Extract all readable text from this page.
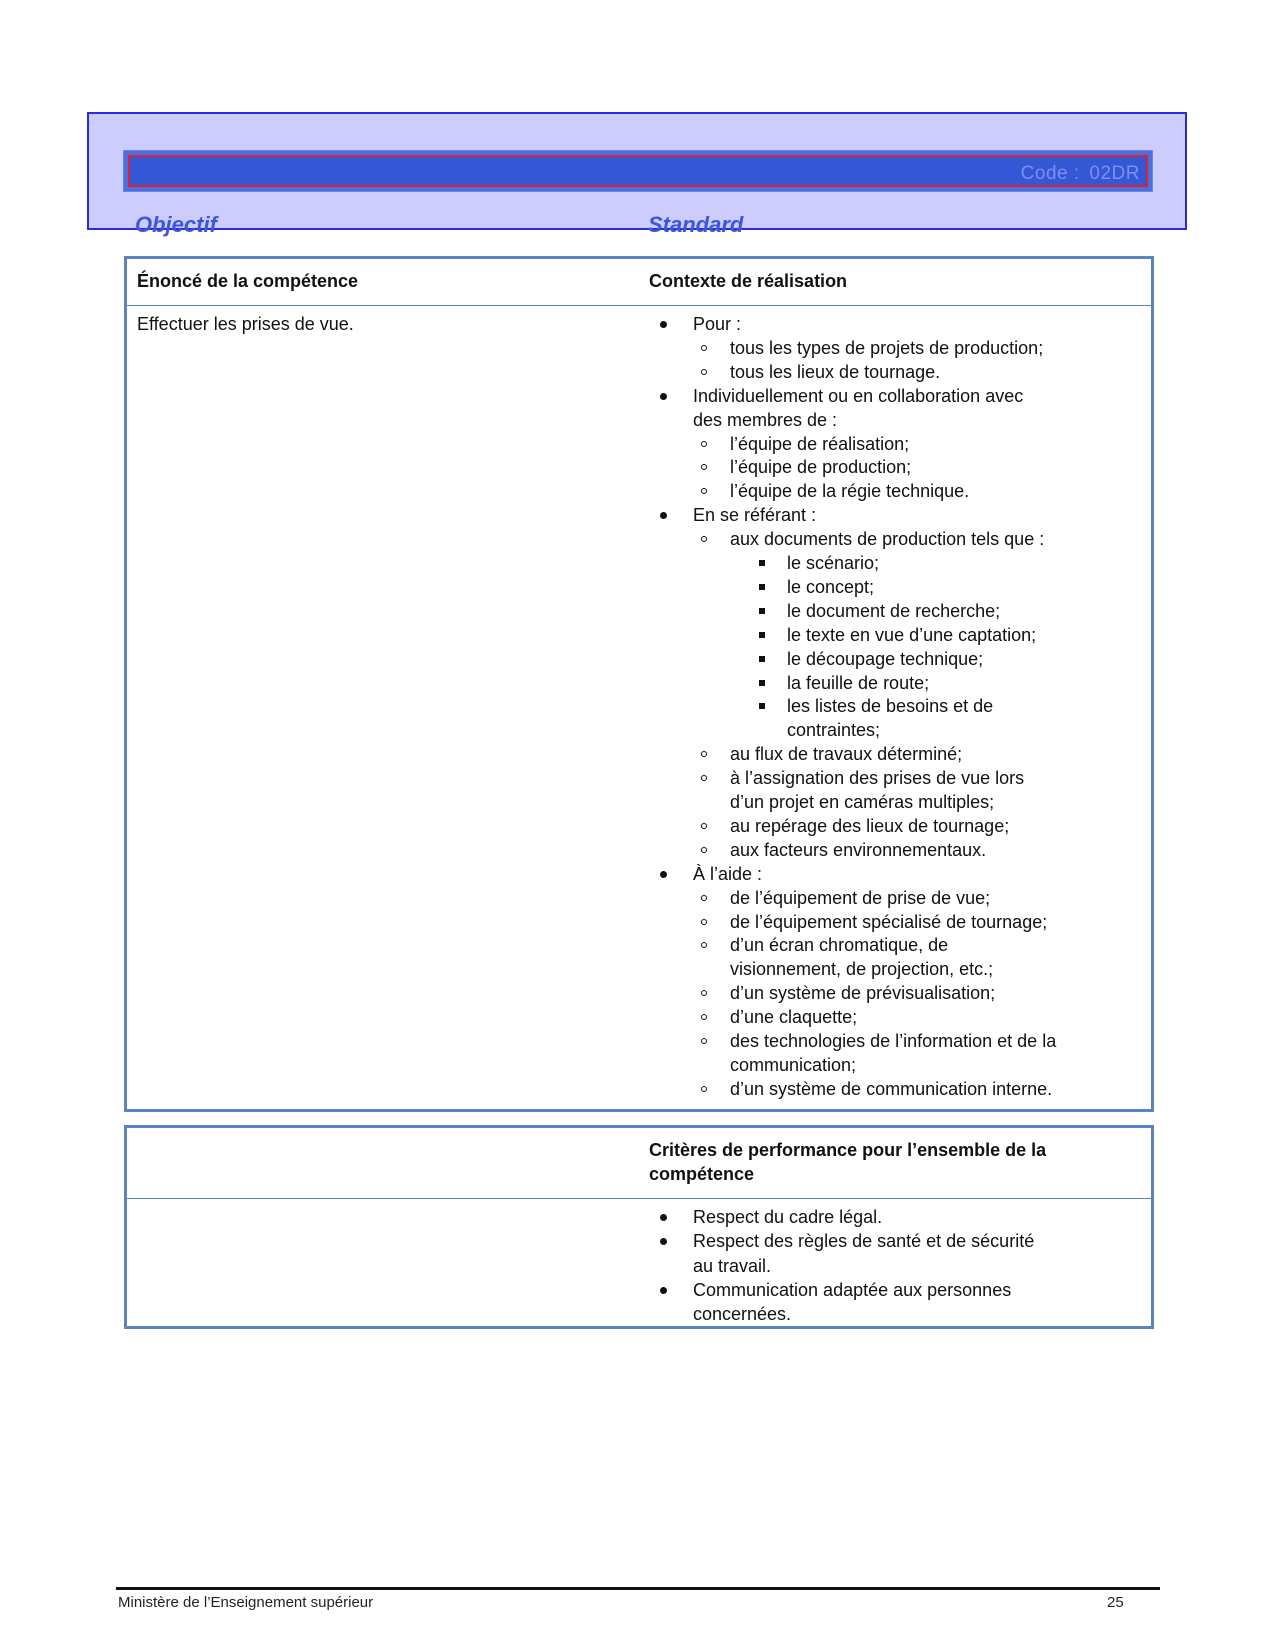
Code : 02DR
Objectif	Standard
Énoncé de la compétence	Contexte de réalisation
Effectuer les prises de vue.	Pour :
tous les types de projets de production;
tous les lieux de tournage.
Individuellement ou en collaboration avec
des membres de :
l’équipe de réalisation;
l’équipe de production;
l’équipe de la régie technique.
En se référant :
aux documents de production tels que :
le scénario;
le concept;
le document de recherche;
le texte en vue d’une captation;
le découpage technique;
la feuille de route;
les listes de besoins et de
contraintes;
au flux de travaux déterminé;
à l’assignation des prises de vue lors
d’un projet en caméras multiples;
au repérage des lieux de tournage;
aux facteurs environnementaux.
À l’aide :
de l’équipement de prise de vue;
de l’équipement spécialisé de tournage;
d’un écran chromatique, de
visionnement, de projection, etc.;
d’un système de prévisualisation;
d’une claquette;
des technologies de l’information et de la
communication;
d’un système de communication interne.
Critères de performance pour l’ensemble de la
compétence
Respect du cadre légal.
Respect des règles de santé et de sécurité
au travail.
Communication adaptée aux personnes
concernées.
Ministère de l’Enseignement supérieur	25
